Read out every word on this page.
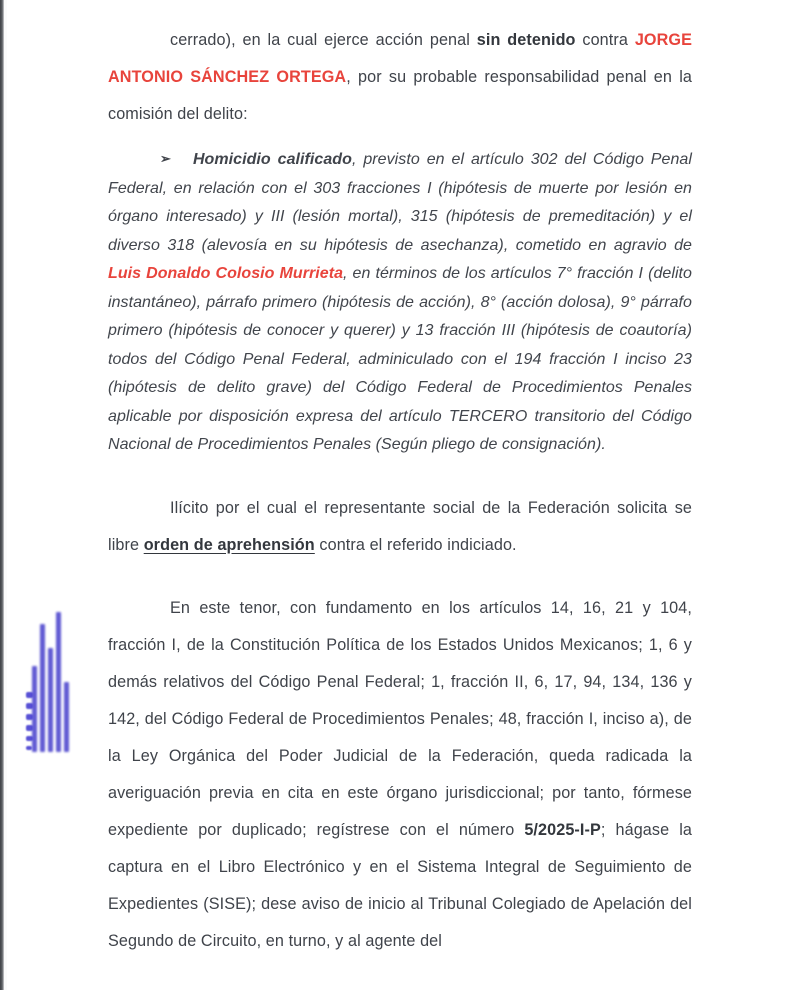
cerrado), en la cual ejerce acción penal sin detenido contra JORGE ANTONIO SÁNCHEZ ORTEGA, por su probable responsabilidad penal en la comisión del delito:

➢ Homicidio calificado, previsto en el artículo 302 del Código Penal Federal, en relación con el 303 fracciones I (hipótesis de muerte por lesión en órgano interesado) y III (lesión mortal), 315 (hipótesis de premeditación) y el diverso 318 (alevosía en su hipótesis de asechanza), cometido en agravio de Luis Donaldo Colosio Murrieta, en términos de los artículos 7° fracción I (delito instantáneo), párrafo primero (hipótesis de acción), 8° (acción dolosa), 9° párrafo primero (hipótesis de conocer y querer) y 13 fracción III (hipótesis de coautoría) todos del Código Penal Federal, adminiculado con el 194 fracción I inciso 23 (hipótesis de delito grave) del Código Federal de Procedimientos Penales aplicable por disposición expresa del artículo TERCERO transitorio del Código Nacional de Procedimientos Penales (Según pliego de consignación).

Ilícito por el cual el representante social de la Federación solicita se libre orden de aprehensión contra el referido indiciado.

En este tenor, con fundamento en los artículos 14, 16, 21 y 104, fracción I, de la Constitución Política de los Estados Unidos Mexicanos; 1, 6 y demás relativos del Código Penal Federal; 1, fracción II, 6, 17, 94, 134, 136 y 142, del Código Federal de Procedimientos Penales; 48, fracción I, inciso a), de la Ley Orgánica del Poder Judicial de la Federación, queda radicada la averiguación previa en cita en este órgano jurisdiccional; por tanto, fórmese expediente por duplicado; regístrese con el número 5/2025-I-P; hágase la captura en el Libro Electrónico y en el Sistema Integral de Seguimiento de Expedientes (SISE); dese aviso de inicio al Tribunal Colegiado de Apelación del Segundo de Circuito, en turno, y al agente del
